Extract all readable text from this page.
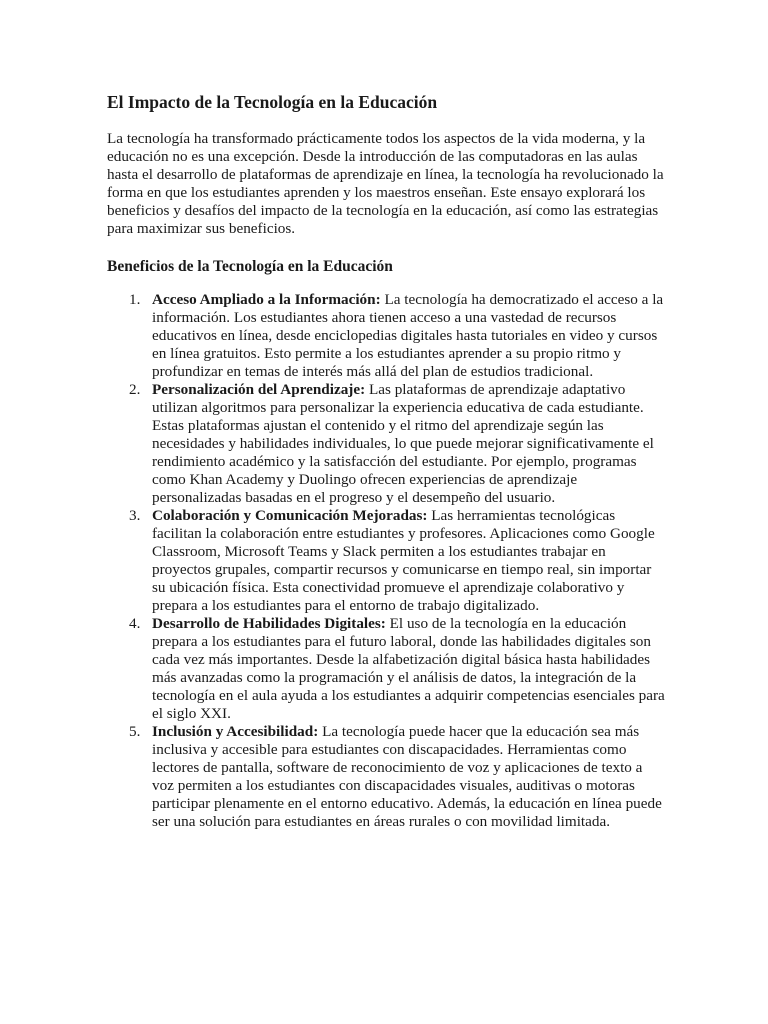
El Impacto de la Tecnología en la Educación

La tecnología ha transformado prácticamente todos los aspectos de la vida moderna, y la educación no es una excepción. Desde la introducción de las computadoras en las aulas hasta el desarrollo de plataformas de aprendizaje en línea, la tecnología ha revolucionado la forma en que los estudiantes aprenden y los maestros enseñan. Este ensayo explorará los beneficios y desafíos del impacto de la tecnología en la educación, así como las estrategias para maximizar sus beneficios.

Beneficios de la Tecnología en la Educación
1. Acceso Ampliado a la Información: La tecnología ha democratizado el acceso a la información. Los estudiantes ahora tienen acceso a una vastedad de recursos educativos en línea, desde enciclopedias digitales hasta tutoriales en video y cursos en línea gratuitos. Esto permite a los estudiantes aprender a su propio ritmo y profundizar en temas de interés más allá del plan de estudios tradicional.
2. Personalización del Aprendizaje: Las plataformas de aprendizaje adaptativo utilizan algoritmos para personalizar la experiencia educativa de cada estudiante. Estas plataformas ajustan el contenido y el ritmo del aprendizaje según las necesidades y habilidades individuales, lo que puede mejorar significativamente el rendimiento académico y la satisfacción del estudiante. Por ejemplo, programas como Khan Academy y Duolingo ofrecen experiencias de aprendizaje personalizadas basadas en el progreso y el desempeño del usuario.
3. Colaboración y Comunicación Mejoradas: Las herramientas tecnológicas facilitan la colaboración entre estudiantes y profesores. Aplicaciones como Google Classroom, Microsoft Teams y Slack permiten a los estudiantes trabajar en proyectos grupales, compartir recursos y comunicarse en tiempo real, sin importar su ubicación física. Esta conectividad promueve el aprendizaje colaborativo y prepara a los estudiantes para el entorno de trabajo digitalizado.
4. Desarrollo de Habilidades Digitales: El uso de la tecnología en la educación prepara a los estudiantes para el futuro laboral, donde las habilidades digitales son cada vez más importantes. Desde la alfabetización digital básica hasta habilidades más avanzadas como la programación y el análisis de datos, la integración de la tecnología en el aula ayuda a los estudiantes a adquirir competencias esenciales para el siglo XXI.
5. Inclusión y Accesibilidad: La tecnología puede hacer que la educación sea más inclusiva y accesible para estudiantes con discapacidades. Herramientas como lectores de pantalla, software de reconocimiento de voz y aplicaciones de texto a voz permiten a los estudiantes con discapacidades visuales, auditivas o motoras participar plenamente en el entorno educativo. Además, la educación en línea puede ser una solución para estudiantes en áreas rurales o con movilidad limitada.
